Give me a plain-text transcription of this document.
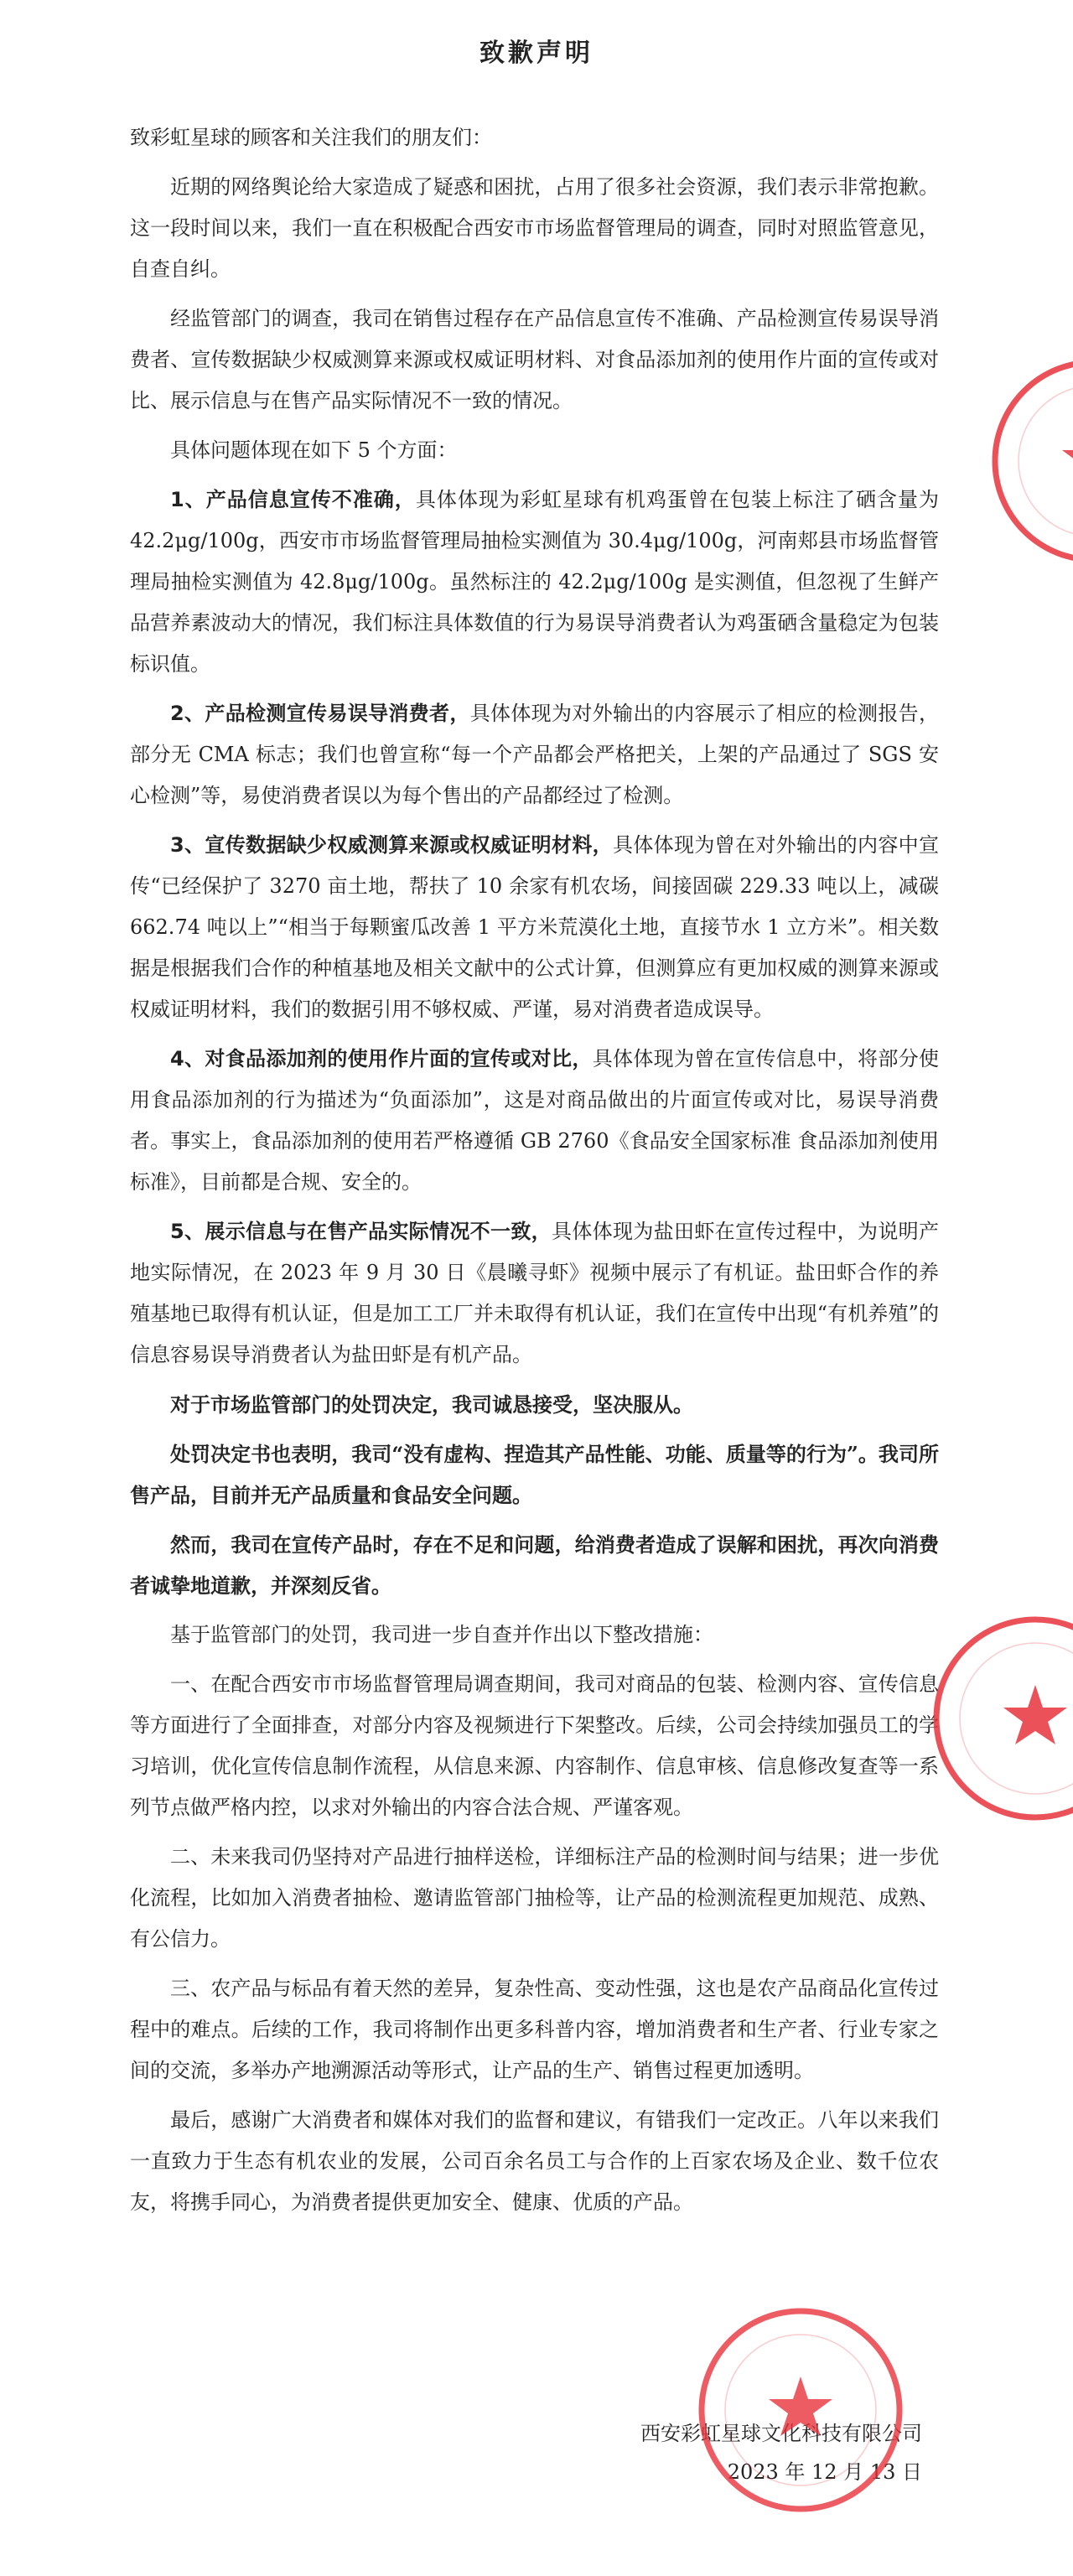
致歉声明

致彩虹星球的顾客和关注我们的朋友们：

近期的网络舆论给大家造成了疑惑和困扰，占用了很多社会资源，我们表示非常抱歉。这一段时间以来，我们一直在积极配合西安市市场监督管理局的调查，同时对照监管意见，自查自纠。

经监管部门的调查，我司在销售过程存在产品信息宣传不准确、产品检测宣传易误导消费者、宣传数据缺少权威测算来源或权威证明材料、对食品添加剂的使用作片面的宣传或对比、展示信息与在售产品实际情况不一致的情况。

具体问题体现在如下 5 个方面：

1、产品信息宣传不准确，具体体现为彩虹星球有机鸡蛋曾在包装上标注了硒含量为 42.2μg/100g，西安市市场监督管理局抽检实测值为 30.4μg/100g，河南郏县市场监督管理局抽检实测值为 42.8μg/100g。虽然标注的 42.2μg/100g 是实测值，但忽视了生鲜产品营养素波动大的情况，我们标注具体数值的行为易误导消费者认为鸡蛋硒含量稳定为包装标识值。

2、产品检测宣传易误导消费者，具体体现为对外输出的内容展示了相应的检测报告，部分无 CMA 标志；我们也曾宣称“每一个产品都会严格把关，上架的产品通过了 SGS 安心检测”等，易使消费者误以为每个售出的产品都经过了检测。

3、宣传数据缺少权威测算来源或权威证明材料，具体体现为曾在对外输出的内容中宣传“已经保护了 3270 亩土地，帮扶了 10 余家有机农场，间接固碳 229.33 吨以上，减碳 662.74 吨以上”“相当于每颗蜜瓜改善 1 平方米荒漠化土地，直接节水 1 立方米”。相关数据是根据我们合作的种植基地及相关文献中的公式计算，但测算应有更加权威的测算来源或权威证明材料，我们的数据引用不够权威、严谨，易对消费者造成误导。

4、对食品添加剂的使用作片面的宣传或对比，具体体现为曾在宣传信息中，将部分使用食品添加剂的行为描述为“负面添加”，这是对商品做出的片面宣传或对比，易误导消费者。事实上，食品添加剂的使用若严格遵循 GB 2760《食品安全国家标准 食品添加剂使用标准》，目前都是合规、安全的。

5、展示信息与在售产品实际情况不一致，具体体现为盐田虾在宣传过程中，为说明产地实际情况，在 2023 年 9 月 30 日《晨曦寻虾》视频中展示了有机证。盐田虾合作的养殖基地已取得有机认证，但是加工工厂并未取得有机认证，我们在宣传中出现“有机养殖”的信息容易误导消费者认为盐田虾是有机产品。

对于市场监管部门的处罚决定，我司诚恳接受，坚决服从。

处罚决定书也表明，我司“没有虚构、捏造其产品性能、功能、质量等的行为”。我司所售产品，目前并无产品质量和食品安全问题。

然而，我司在宣传产品时，存在不足和问题，给消费者造成了误解和困扰，再次向消费者诚挚地道歉，并深刻反省。

基于监管部门的处罚，我司进一步自查并作出以下整改措施：

一、在配合西安市市场监督管理局调查期间，我司对商品的包装、检测内容、宣传信息等方面进行了全面排查，对部分内容及视频进行下架整改。后续，公司会持续加强员工的学习培训，优化宣传信息制作流程，从信息来源、内容制作、信息审核、信息修改复查等一系列节点做严格内控，以求对外输出的内容合法合规、严谨客观。

二、未来我司仍坚持对产品进行抽样送检，详细标注产品的检测时间与结果；进一步优化流程，比如加入消费者抽检、邀请监管部门抽检等，让产品的检测流程更加规范、成熟、有公信力。

三、农产品与标品有着天然的差异，复杂性高、变动性强，这也是农产品商品化宣传过程中的难点。后续的工作，我司将制作出更多科普内容，增加消费者和生产者、行业专家之间的交流，多举办产地溯源活动等形式，让产品的生产、销售过程更加透明。

最后，感谢广大消费者和媒体对我们的监督和建议，有错我们一定改正。八年以来我们一直致力于生态有机农业的发展，公司百余名员工与合作的上百家农场及企业、数千位农友，将携手同心，为消费者提供更加安全、健康、优质的产品。

西安彩虹星球文化科技有限公司
2023 年 12 月 13 日
